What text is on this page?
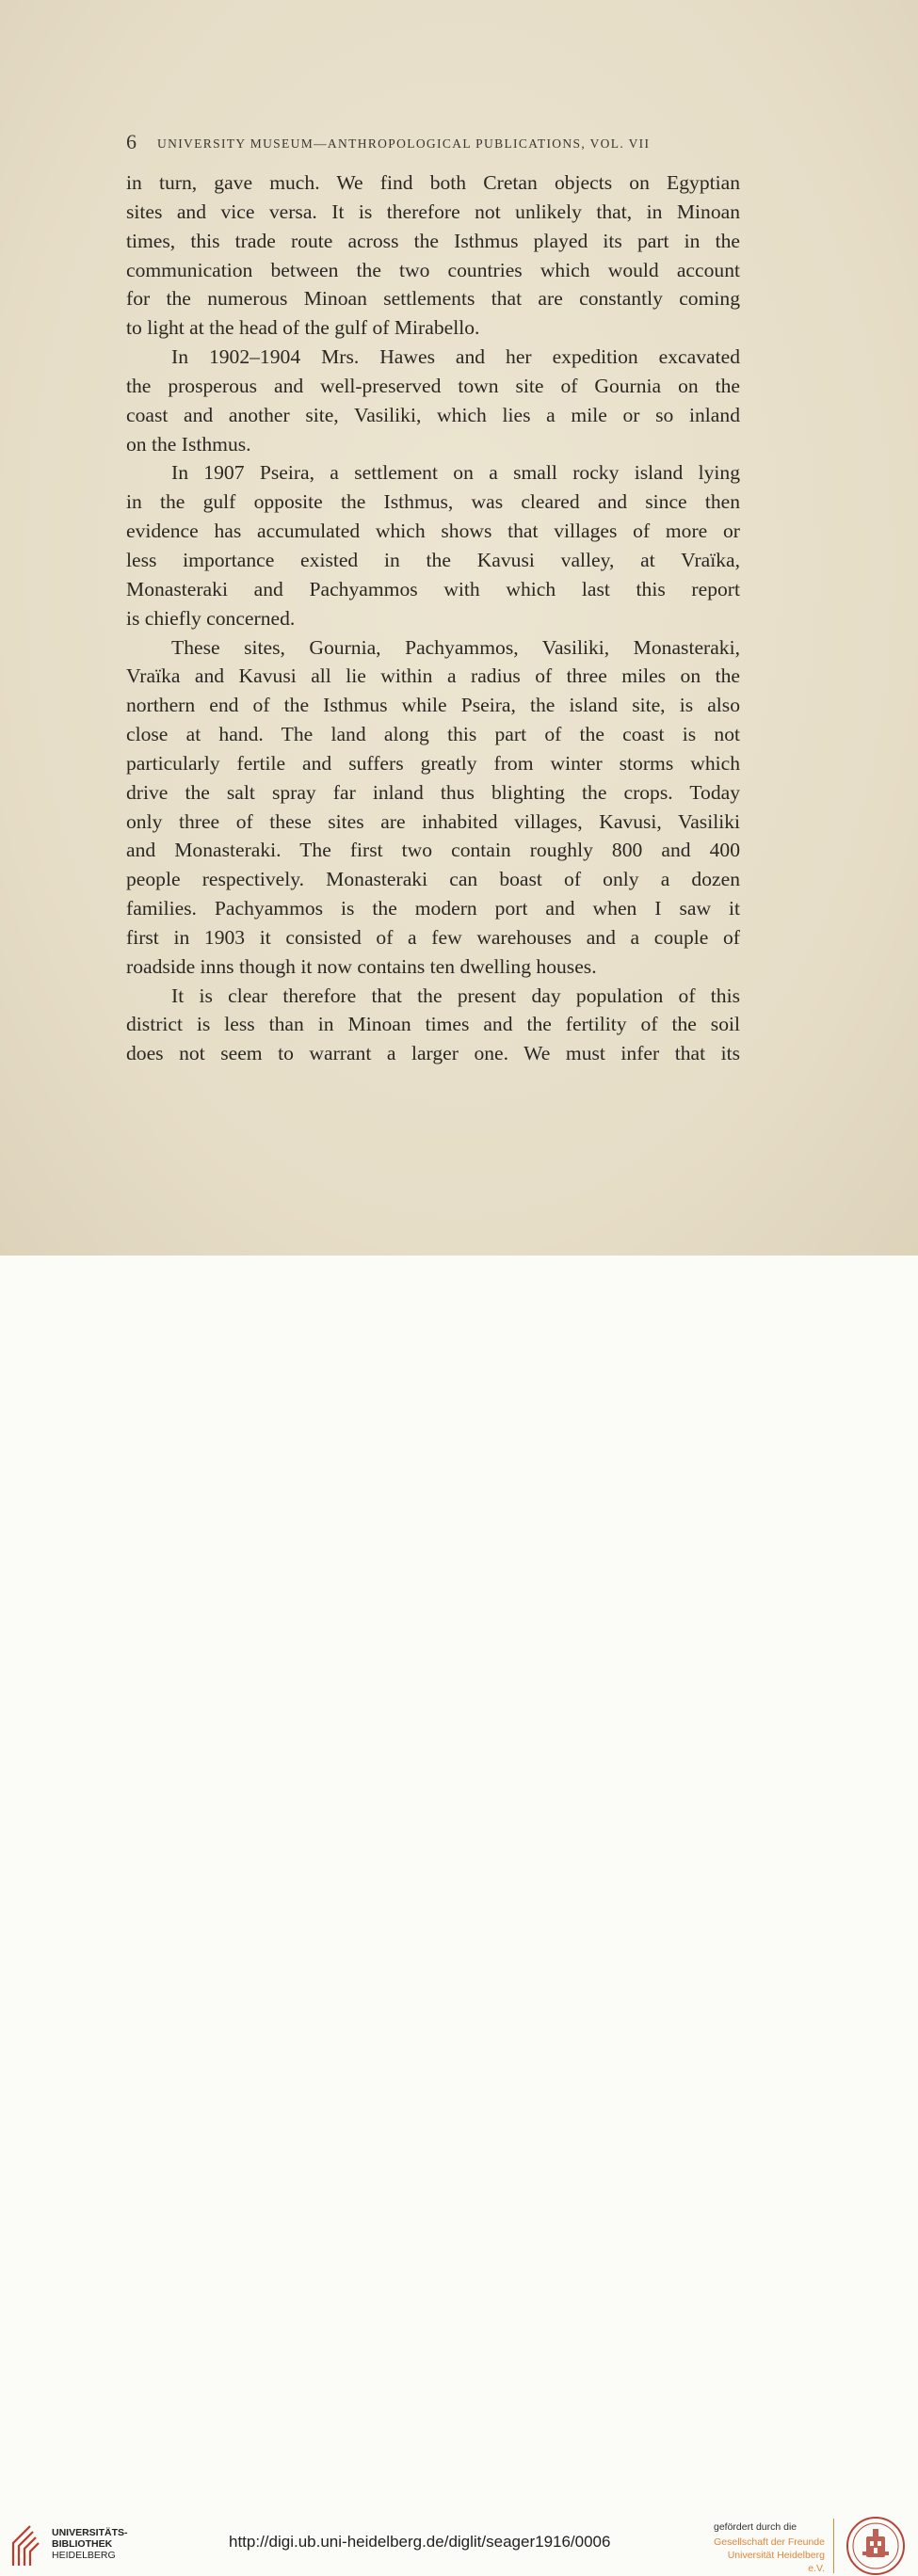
6 UNIVERSITY MUSEUM—ANTHROPOLOGICAL PUBLICATIONS, VOL. VII
in turn, gave much. We find both Cretan objects on Egyptian
sites and vice versa. It is therefore not unlikely that, in Minoan
times, this trade route across the Isthmus played its part in the
communication between the two countries which would account
for the numerous Minoan settlements that are constantly coming
to light at the head of the gulf of Mirabello.
In 1902–1904 Mrs. Hawes and her expedition excavated
the prosperous and well-preserved town site of Gournia on the
coast and another site, Vasiliki, which lies a mile or so inland
on the Isthmus.
In 1907 Pseira, a settlement on a small rocky island lying
in the gulf opposite the Isthmus, was cleared and since then
evidence has accumulated which shows that villages of more or
less importance existed in the Kavusi valley, at Vraïka,
Monasteraki and Pachyammos with which last this report
is chiefly concerned.
These sites, Gournia, Pachyammos, Vasiliki, Monasteraki,
Vraïka and Kavusi all lie within a radius of three miles on the
northern end of the Isthmus while Pseira, the island site, is also
close at hand. The land along this part of the coast is not
particularly fertile and suffers greatly from winter storms which
drive the salt spray far inland thus blighting the crops. Today
only three of these sites are inhabited villages, Kavusi, Vasiliki
and Monasteraki. The first two contain roughly 800 and 400
people respectively. Monasteraki can boast of only a dozen
families. Pachyammos is the modern port and when I saw it
first in 1903 it consisted of a few warehouses and a couple of
roadside inns though it now contains ten dwelling houses.
It is clear therefore that the present day population of this
district is less than in Minoan times and the fertility of the soil
does not seem to warrant a larger one. We must infer that its
UNIVERSITÄTS-
BIBLIOTHEK
HEIDELBERG
http://digi.ub.uni-heidelberg.de/diglit/seager1916/0006
gefördert durch die
Gesellschaft der Freunde
Universität Heidelberg e.V.
